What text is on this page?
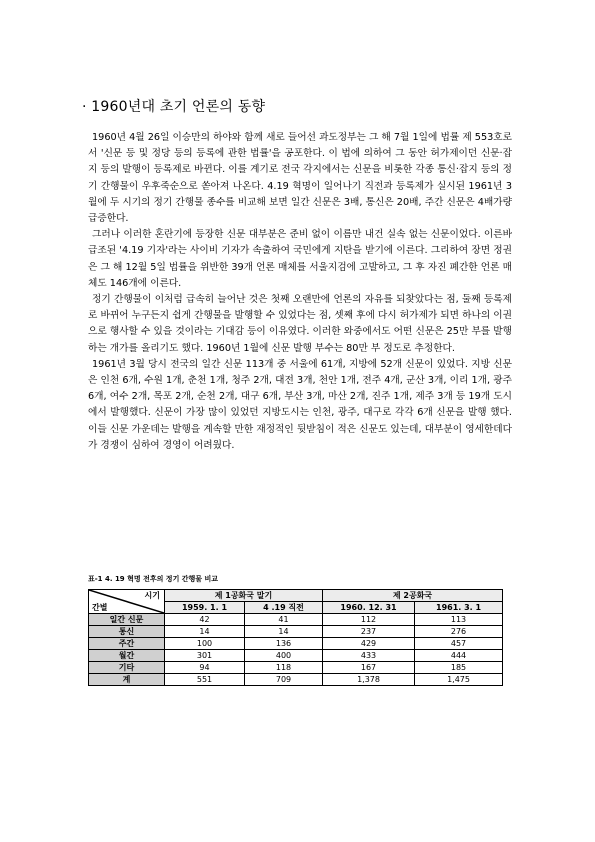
· 1960년대 초기 언론의 동향

1960년 4월 26일 이승만의 하야와 함께 새로 들어선 과도정부는 그 해 7월 1일에 법률 제 553호로서 '신문 등 및 정당 등의 등록에 관한 법률'을 공포한다. 이 법에 의하여 그 동안 허가제이던 신문·잡지 등의 발행이 등록제로 바뀐다. 이를 계기로 전국 각지에서는 신문을 비롯한 각종 통신·잡지 등의 정기 간행물이 우후죽순으로 쏟아져 나온다. 4.19 혁명이 일어나기 직전과 등록제가 실시된 1961년 3월에 두 시기의 정기 간행물 종수를 비교해 보면 일간 신문은 3배, 통신은 20배, 주간 신문은 4배가량 급증한다.

그러나 이러한 혼란기에 등장한 신문 대부분은 준비 없이 이름만 내건 실속 없는 신문이었다. 이른바 급조된 '4.19 기자'라는 사이비 기자가 속출하여 국민에게 지탄을 받기에 이른다. 그리하여 장면 정권은 그 해 12월 5일 법률을 위반한 39개 언론 매체를 서울지검에 고발하고, 그 후 자진 폐간한 언론 매체도 146개에 이른다.

정기 간행물이 이처럼 급속히 늘어난 것은 첫째 오랜만에 언론의 자유를 되찾았다는 점, 둘째 등록제로 바뀌어 누구든지 쉽게 간행물을 발행할 수 있었다는 점, 셋째 후에 다시 허가제가 되면 하나의 이권으로 행사할 수 있을 것이라는 기대감 등이 이유였다. 이러한 와중에서도 어떤 신문은 25만 부를 발행하는 개가를 올리기도 했다. 1960년 1월에 신문 발행 부수는 80만 부 정도로 추정한다.

1961년 3월 당시 전국의 일간 신문 113개 중 서울에 61개, 지방에 52개 신문이 있었다. 지방 신문은 인천 6개, 수원 1개, 춘천 1개, 청주 2개, 대전 3개, 천안 1개, 전주 4개, 군산 3개, 이리 1개, 광주 6개, 여수 2개, 목포 2개, 순천 2개, 대구 6개, 부산 3개, 마산 2개, 진주 1개, 제주 3개 등 19개 도시에서 발행했다. 신문이 가장 많이 있었던 지방도시는 인천, 광주, 대구로 각각 6개 신문을 발행 했다. 이들 신문 가운데는 발행을 계속할 만한 재정적인 뒷받침이 적은 신문도 있는데, 대부분이 영세한데다가 경쟁이 심하여 경영이 어려웠다.

표-1 4. 19 혁명 전후의 정기 간행물 비교
시기
간별	제 1공화국 말기		제 2공화국	
	1959. 1. 1	4 .19 직전	1960. 12. 31	1961. 3. 1
일간 신문	42	41	112	113
통신	14	14	237	276
주간	100	136	429	457
월간	301	400	433	444
기타	94	118	167	185
계	551	709	1,378	1,475
